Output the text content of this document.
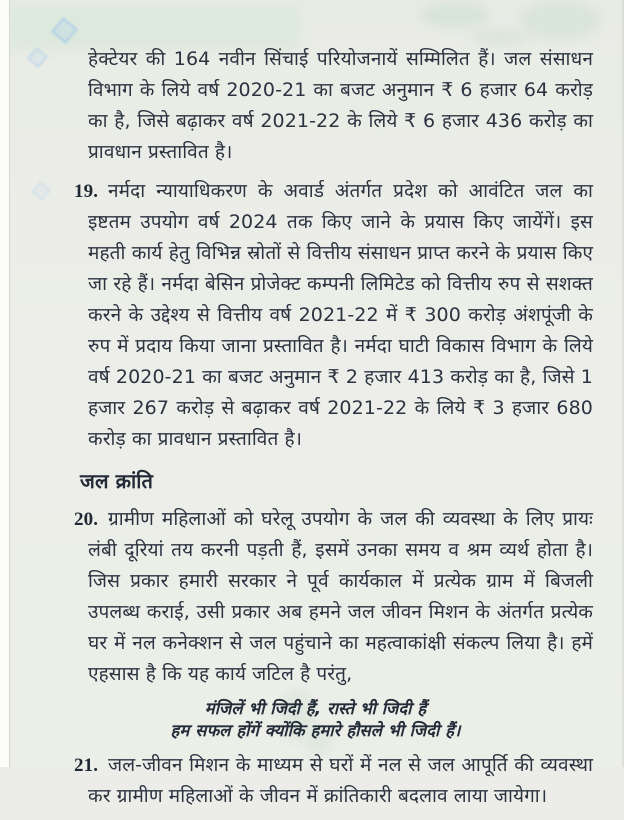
हेक्टेयर की 164 नवीन सिंचाई परियोजनायें सम्मिलित हैं। जल संसाधन विभाग के लिये वर्ष 2020-21 का बजट अनुमान ₹ 6 हजार 64 करोड़ का है, जिसे बढ़ाकर वर्ष 2021-22 के लिये ₹ 6 हजार 436 करोड़ का प्रावधान प्रस्तावित है।

19. नर्मदा न्यायाधिकरण के अवार्ड अंतर्गत प्रदेश को आवंटित जल का इष्टतम उपयोग वर्ष 2024 तक किए जाने के प्रयास किए जायेंगें। इस महती कार्य हेतु विभिन्न स्रोतों से वित्तीय संसाधन प्राप्त करने के प्रयास किए जा रहे हैं। नर्मदा बेसिन प्रोजेक्ट कम्पनी लिमिटेड को वित्तीय रुप से सशक्त करने के उद्देश्य से वित्तीय वर्ष 2021-22 में ₹ 300 करोड़ अंशपूंजी के रुप में प्रदाय किया जाना प्रस्तावित है। नर्मदा घाटी विकास विभाग के लिये वर्ष 2020-21 का बजट अनुमान ₹ 2 हजार 413 करोड़ का है, जिसे 1 हजार 267 करोड़ से बढ़ाकर वर्ष 2021-22 के लिये ₹ 3 हजार 680 करोड़ का प्रावधान प्रस्तावित है।
जल क्रांति
20. ग्रामीण महिलाओं को घरेलू उपयोग के जल की व्यवस्था के लिए प्रायः लंबी दूरियां तय करनी पड़ती हैं, इसमें उनका समय व श्रम व्यर्थ होता है। जिस प्रकार हमारी सरकार ने पूर्व कार्यकाल में प्रत्येक ग्राम में बिजली उपलब्ध कराई, उसी प्रकार अब हमने जल जीवन मिशन के अंतर्गत प्रत्येक घर में नल कनेक्शन से जल पहुंचाने का महत्वाकांक्षी संकल्प लिया है। हमें एहसास है कि यह कार्य जटिल है परंतु,
मंजिलें भी जिदी हैं, रास्ते भी जिदी हैं
हम सफल होंगें क्योंकि हमारे हौसले भी जिदी हैं।
21. जल-जीवन मिशन के माध्यम से घरों में नल से जल आपूर्ति की व्यवस्था कर ग्रामीण महिलाओं के जीवन में क्रांतिकारी बदलाव लाया जायेगा।
